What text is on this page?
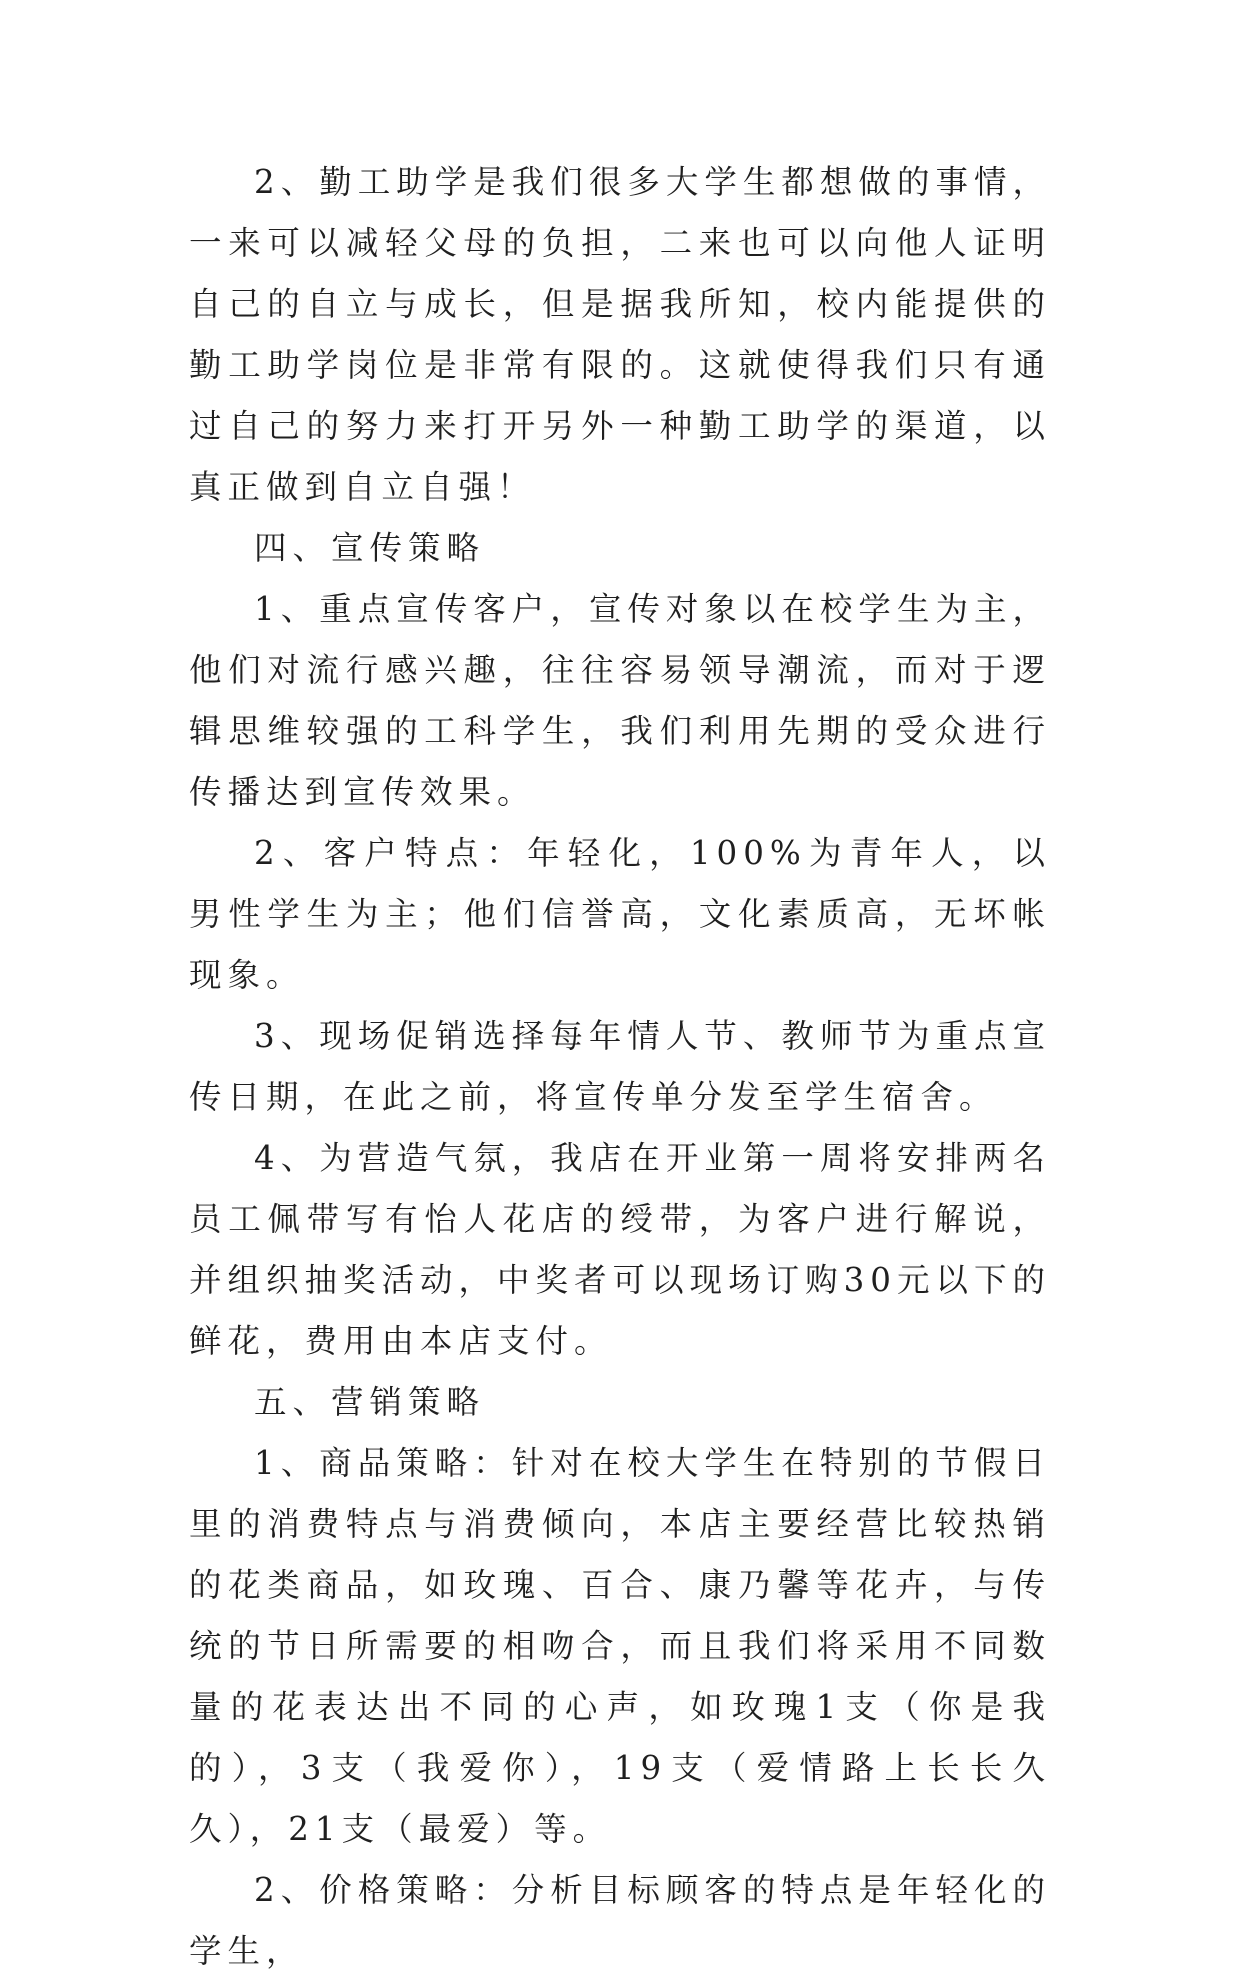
2、勤工助学是我们很多大学生都想做的事情，一来可以减轻父母的负担，二来也可以向他人证明自己的自立与成长，但是据我所知，校内能提供的勤工助学岗位是非常有限的。这就使得我们只有通过自己的努力来打开另外一种勤工助学的渠道，以真正做到自立自强！

四、宣传策略

1、重点宣传客户，宣传对象以在校学生为主，他们对流行感兴趣，往往容易领导潮流，而对于逻辑思维较强的工科学生，我们利用先期的受众进行传播达到宣传效果。

2、客户特点：年轻化，100%为青年人，以男性学生为主；他们信誉高，文化素质高，无坏帐现象。

3、现场促销选择每年情人节、教师节为重点宣传日期，在此之前，将宣传单分发至学生宿舍。

4、为营造气氛，我店在开业第一周将安排两名员工佩带写有怡人花店的绶带，为客户进行解说，并组织抽奖活动，中奖者可以现场订购30元以下的鲜花，费用由本店支付。

五、营销策略

1、商品策略：针对在校大学生在特别的节假日里的消费特点与消费倾向，本店主要经营比较热销的花类商品，如玫瑰、百合、康乃馨等花卉，与传统的节日所需要的相吻合，而且我们将采用不同数量的花表达出不同的心声，如玫瑰1支（你是我的），3支（我爱你），19支（爱情路上长长久久），21支（最爱）等。

2、价格策略：分析目标顾客的特点是年轻化的学生，
